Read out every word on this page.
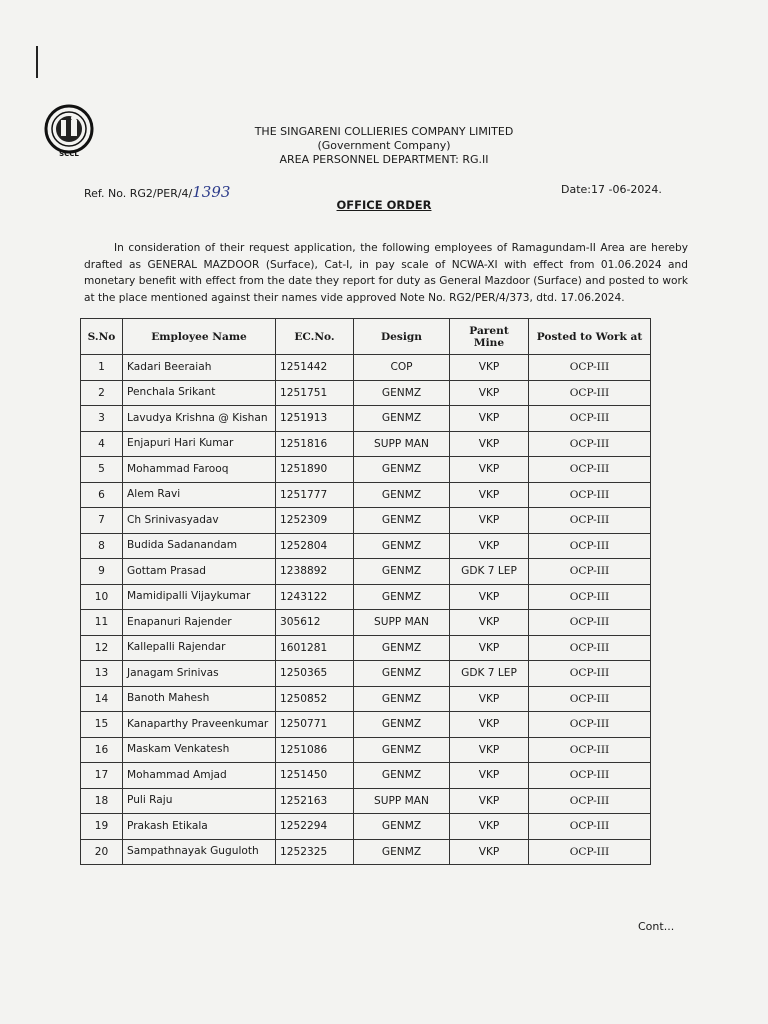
SCCL
THE SINGARENI COLLIERIES COMPANY LIMITED
(Government Company)
AREA PERSONNEL DEPARTMENT: RG.II
Ref. No. RG2/PER/4/1393	Date:17 -06-2024.
OFFICE ORDER

In consideration of their request application, the following employees of Ramagundam-II Area are hereby drafted as GENERAL MAZDOOR (Surface), Cat-I, in pay scale of NCWA-XI with effect from 01.06.2024 and monetary benefit with effect from the date they report for duty as General Mazdoor (Surface) and posted to work at the place mentioned against their names vide approved Note No. RG2/PER/4/373, dtd. 17.06.2024.

S.No	Employee Name	EC.No.	Design	Parent Mine	Posted to Work at
1	Kadari Beeraiah	1251442	COP	VKP	OCP-III
2	Penchala Srikant	1251751	GENMZ	VKP	OCP-III
3	Lavudya Krishna @ Kishan	1251913	GENMZ	VKP	OCP-III
4	Enjapuri Hari Kumar	1251816	SUPP MAN	VKP	OCP-III
5	Mohammad Farooq	1251890	GENMZ	VKP	OCP-III
6	Alem Ravi	1251777	GENMZ	VKP	OCP-III
7	Ch Srinivasyadav	1252309	GENMZ	VKP	OCP-III
8	Budida Sadanandam	1252804	GENMZ	VKP	OCP-III
9	Gottam Prasad	1238892	GENMZ	GDK 7 LEP	OCP-III
10	Mamidipalli Vijaykumar	1243122	GENMZ	VKP	OCP-III
11	Enapanuri Rajender	305612	SUPP MAN	VKP	OCP-III
12	Kallepalli Rajendar	1601281	GENMZ	VKP	OCP-III
13	Janagam Srinivas	1250365	GENMZ	GDK 7 LEP	OCP-III
14	Banoth Mahesh	1250852	GENMZ	VKP	OCP-III
15	Kanaparthy Praveenkumar	1250771	GENMZ	VKP	OCP-III
16	Maskam Venkatesh	1251086	GENMZ	VKP	OCP-III
17	Mohammad Amjad	1251450	GENMZ	VKP	OCP-III
18	Puli Raju	1252163	SUPP MAN	VKP	OCP-III
19	Prakash Etikala	1252294	GENMZ	VKP	OCP-III
20	Sampathnayak Guguloth	1252325	GENMZ	VKP	OCP-III
Cont...
